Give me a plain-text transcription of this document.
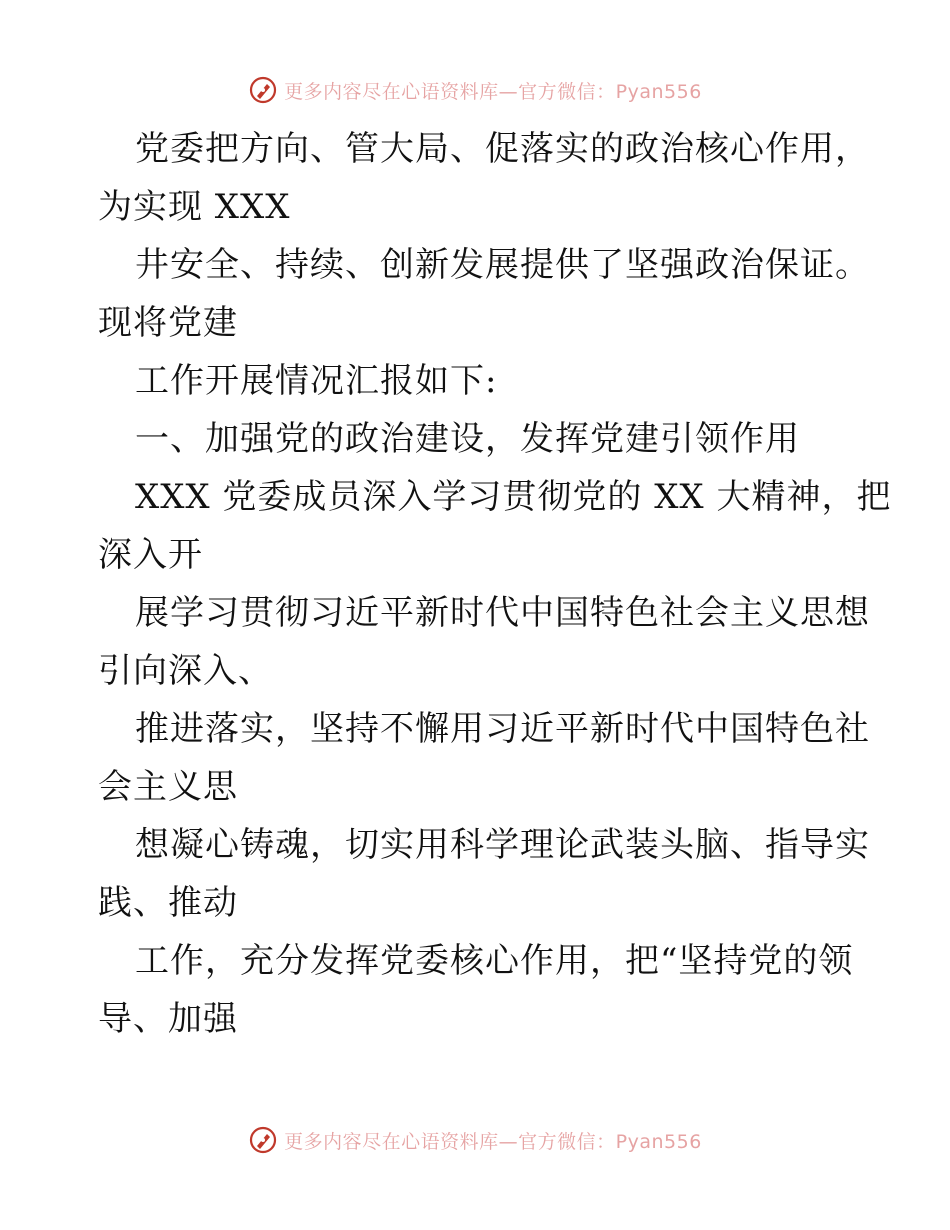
更多内容尽在心语资料库—官方微信：Pyan556
党委把方向、管大局、促落实的政治核心作用，
为实现 XXX
井安全、持续、创新发展提供了坚强政治保证。
现将党建
工作开展情况汇报如下:
一、加强党的政治建设，发挥党建引领作用
XXX 党委成员深入学习贯彻党的 XX 大精神，把
深入开
展学习贯彻习近平新时代中国特色社会主义思想
引向深入、
推进落实，坚持不懈用习近平新时代中国特色社
会主义思
想凝心铸魂，切实用科学理论武装头脑、指导实
践、推动
工作，充分发挥党委核心作用，把“坚持党的领
导、加强
更多内容尽在心语资料库—官方微信：Pyan556
